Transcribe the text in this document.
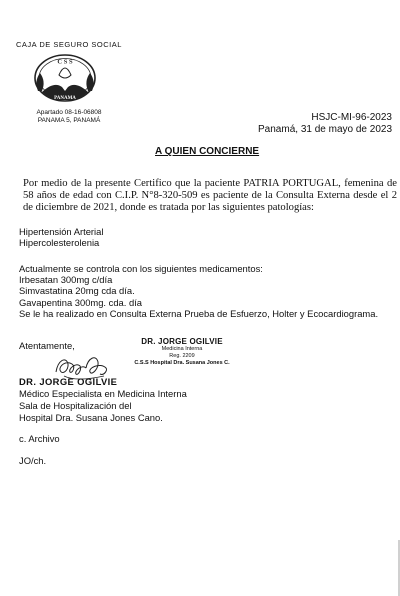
CAJA DE SEGURO SOCIAL
C S S
PANAMA
Apartado 08-16-06808
PANAMA 5, PANAMÁ	HSJC-MI-96-2023
Panamá, 31 de mayo de 2023
A QUIEN CONCIERNE
Por medio de la presente Certifico que la paciente PATRIA PORTUGAL, femenina de 58 años de edad con C.I.P. N°8-320-509 es paciente de la Consulta Externa desde el 2 de diciembre de 2021, donde es tratada por las siguientes patologías:
Hipertensión Arterial
Hipercolesterolenia
Actualmente se controla con los siguientes medicamentos:
Irbesatan 300mg c/día
Simvastatina 20mg cda día.
Gavapentina 300mg. cda. día
Se le ha realizado en Consulta Externa Prueba de Esfuerzo, Holter y Ecocardiograma.
Atentamente,	DR. JORGE OGILVIE
Medicina Interna
Reg. 2209
C.S.S Hospital Dra. Susana Jones C.
DR. JORGE OGILVIE
Médico Especialista en Medicina Interna
Sala de Hospitalización del
Hospital Dra. Susana Jones Cano.
c. Archivo
JO/ch.
